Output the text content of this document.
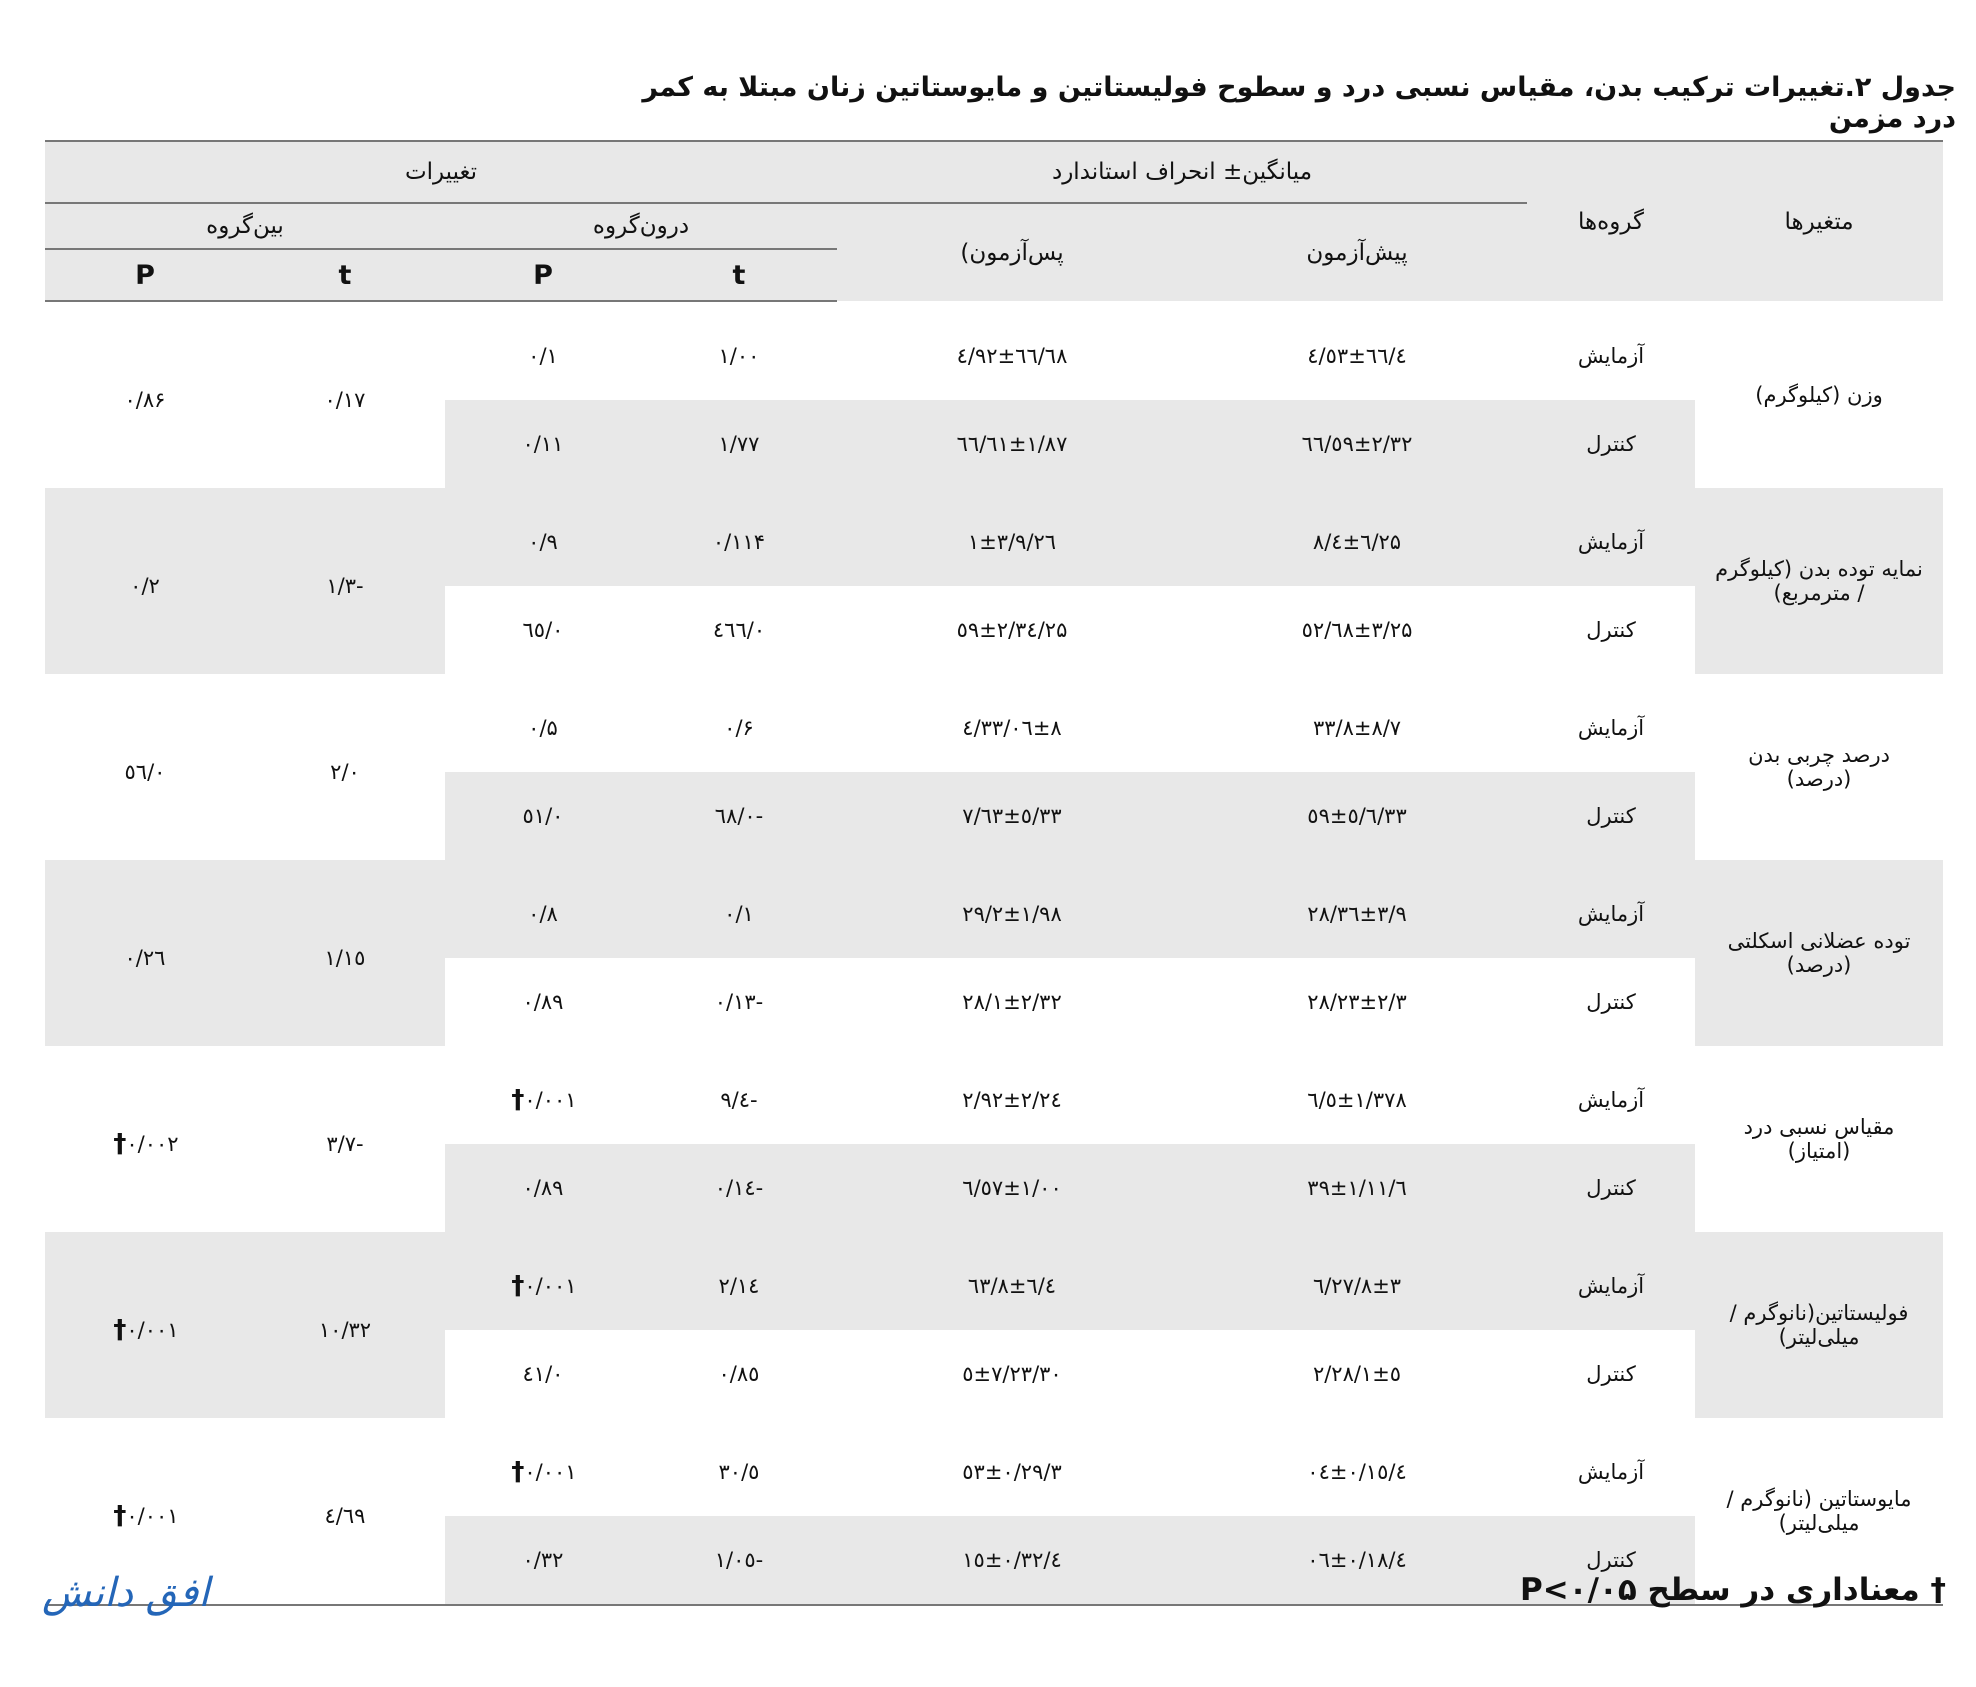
جدول ۲.تغییرات ترکیب بدن، مقیاس نسبی درد و سطوح فولیستاتین و مایوستاتین زنان مبتلا به کمر درد مزمن
متغیرها	گروه‌ها	میانگین± انحراف استاندارد		تغییرات			
		پیش‌آزمون	پس‌آزمون)	درون‌گروه		بین‌گروه	
				t	P	t	P
وزن (کیلوگرم)	آزمایش	٦٦/٤±٤/٥٣	٦٦/٦٨±٤/٩٢	۱/۰۰	۰/۱	۰/۱۷	۰/۸۶
	کنترل	٦٦/٥٩±۲/۳۲	٦٦/٦۱±۱/۸۷	۱/۷۷	۰/۱۱		
نمایه توده بدن (کیلوگرم / مترمربع)	آزمایش	۲۵/٦±٤/۸	۲٦/۱±۳/۹	۰/۱۱۴	۰/۹	-۱/۳	۰/۲
	کنترل	۲۵/٦۸±۳/٥۲	۲۵/٥۹±۲/۳٤	۰/٤٦٦	۰/٦٥		
درصد چربی بدن (درصد)	آزمایش	۳۳/۸±۸/۷	۳۳/۰٦±۸/٤	۰/۶	۰/۵	۲/۰	۰/٥٦
	کنترل	۳۳/٥۹±٥/٦	۳۳/٦۳±٥/۷	-۰/٦۸	۰/٥۱		
توده عضلانی اسکلتی (درصد)	آزمایش	۲۸/۳٦±۳/۹	۲۹/۲±۱/۹۸	۰/۱	۰/۸	۱/۱٥	۰/۲٦
	کنترل	۲۸/۲۳±۲/۳	۲۸/۱±۲/۳۲	-۰/۱۳	۰/۸۹		
مقیاس نسبی درد (امتیاز)	آزمایش	٦/٥±۱/۳۷۸	۲/۹۲±۲/۲٤	-٤/۹	۰/۰۰۱†	-۳/۷	۰/۰۰۲†
	کنترل	٦/۳۹±۱/۱۱	٦/٥۷±۱/۰۰	-۰/۱٤	۰/۸۹		
فولیستاتین(نانوگرم /میلی‌لیتر)	آزمایش	۲۷/۸±۳/٦	٦۳/۸±٦/٤	۱٤/۲	۰/۰۰۱†	۱۰/۳۲	۰/۰۰۱†
	کنترل	۲۸/۱±٥/۲	۳۰/٥±۷/۲۳	۰/۸٥	۰/٤۱		
مایوستاتین (نانوگرم /میلی‌لیتر)	آزمایش	٤/۰٤±۰/۱٥	۳/٥۳±۰/۲۹	٥/۳۰	۰/۰۰۱†	٤/٦۹	۰/۰۰۱†
	کنترل	٤/۰٦±۰/۱۸	٤/۱٥±۰/۳۲	-۱/۰٥	۰/۳۲		
† معناداری در سطح P<۰/۰۵
افق دانش
